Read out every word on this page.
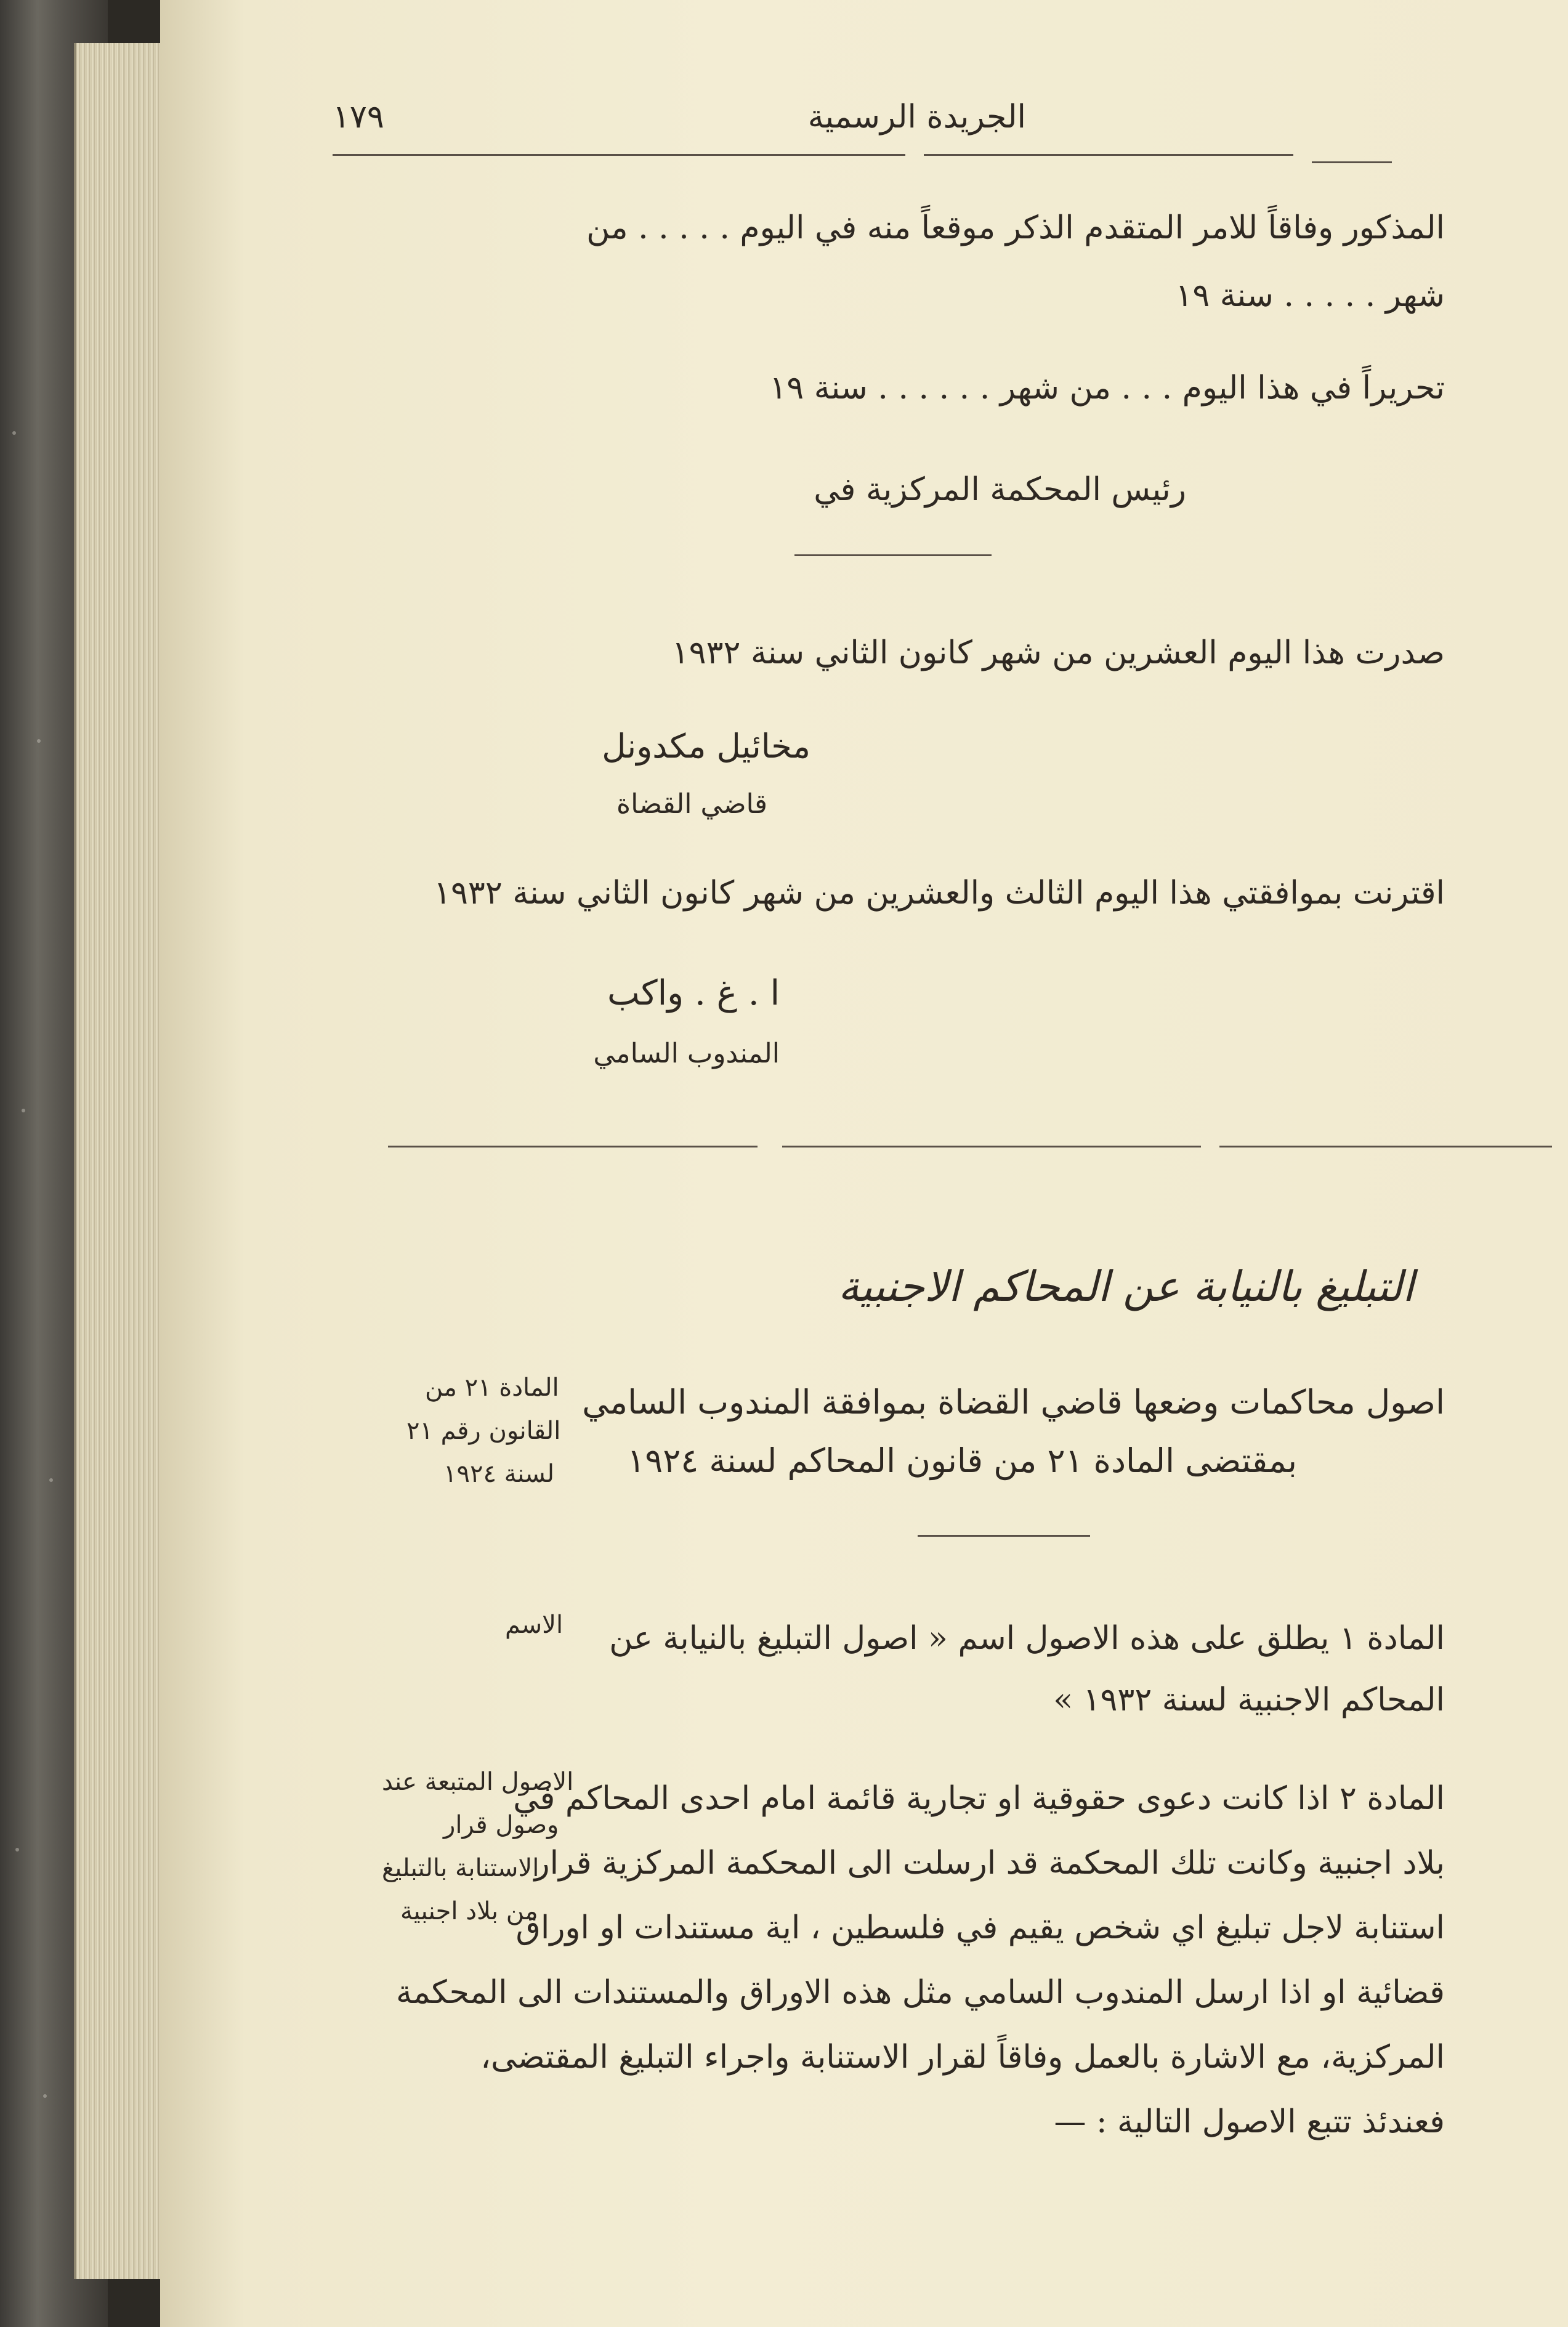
١٧٩	الجريدة الرسمية
المذكور وفاقاً للامر المتقدم الذكر موقعاً منه في اليوم . . . . . من
شهر . . . . . سنة ١٩
تحريراً في هذا اليوم . . . من شهر . . . . . . سنة ١٩
رئيس المحكمة المركزية في
صدرت هذا اليوم العشرين من شهر كانون الثاني سنة ١٩٣٢
مخائيل مكدونل
قاضي القضاة
اقترنت بموافقتي هذا اليوم الثالث والعشرين من شهر كانون الثاني سنة ١٩٣٢
ا . غ . واكب
المندوب السامي
التبليغ بالنيابة عن المحاكم الاجنبية
المادة ٢١ من
القانون رقم ٢١
لسنة ١٩٢٤
اصول محاكمات وضعها قاضي القضاة بموافقة المندوب السامي
بمقتضى المادة ٢١ من قانون المحاكم لسنة ١٩٢٤
الاسم المادة ١ يطلق على هذه الاصول اسم « اصول التبليغ بالنيابة عن
المحاكم الاجنبية لسنة ١٩٣٢ »
الاصول المتبعة عند
وصول قرار
الاستنابة بالتبليغ
من بلاد اجنبية
المادة ٢ اذا كانت دعوى حقوقية او تجارية قائمة امام احدى المحاكم في
بلاد اجنبية وكانت تلك المحكمة قد ارسلت الى المحكمة المركزية قرار
استنابة لاجل تبليغ اي شخص يقيم في فلسطين ، اية مستندات او اوراق
قضائية او اذا ارسل المندوب السامي مثل هذه الاوراق والمستندات الى المحكمة
المركزية، مع الاشارة بالعمل وفاقاً لقرار الاستنابة واجراء التبليغ المقتضى،
فعندئذ تتبع الاصول التالية : —
